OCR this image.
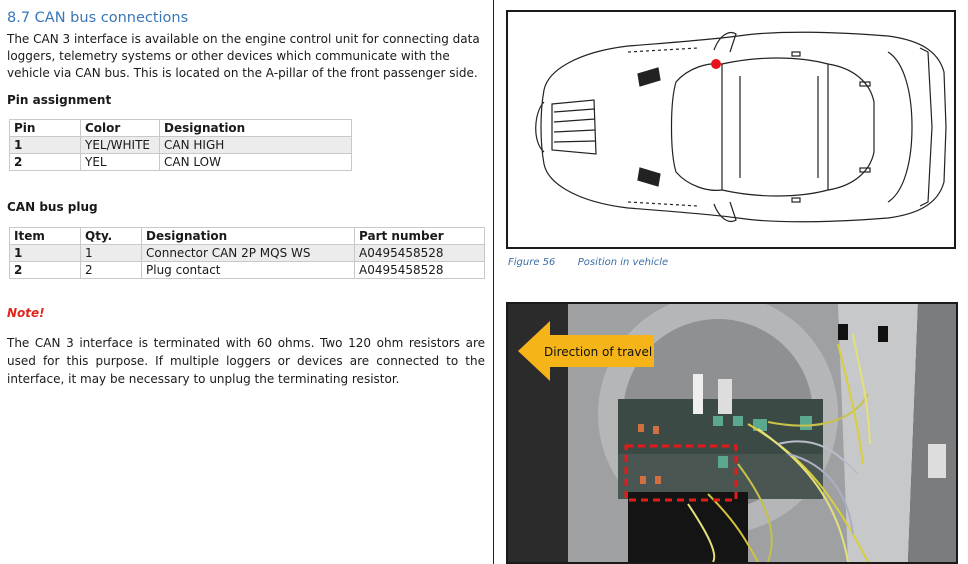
8.7 CAN bus connections
The CAN 3 interface is available on the engine control unit for connecting data loggers, telemetry systems or other devices which communicate with the vehicle via CAN bus. This is located on the A-pillar of the front passenger side.
Pin assignment
Pin	Color	Designation
1	YEL/WHITE	CAN HIGH
2	YEL	CAN LOW
CAN bus plug
Item	Qty.	Designation	Part number
1	1	Connector CAN 2P MQS WS	A0495458528
2	2	Plug contact	A0495458528
Note!
The CAN 3 interface is terminated with 60 ohms. Two 120 ohm resistors are used for this purpose. If multiple loggers or devices are connected to the interface, it may be necessary to unplug the terminating resistor.
Figure 56 Position in vehicle
Direction of travel
